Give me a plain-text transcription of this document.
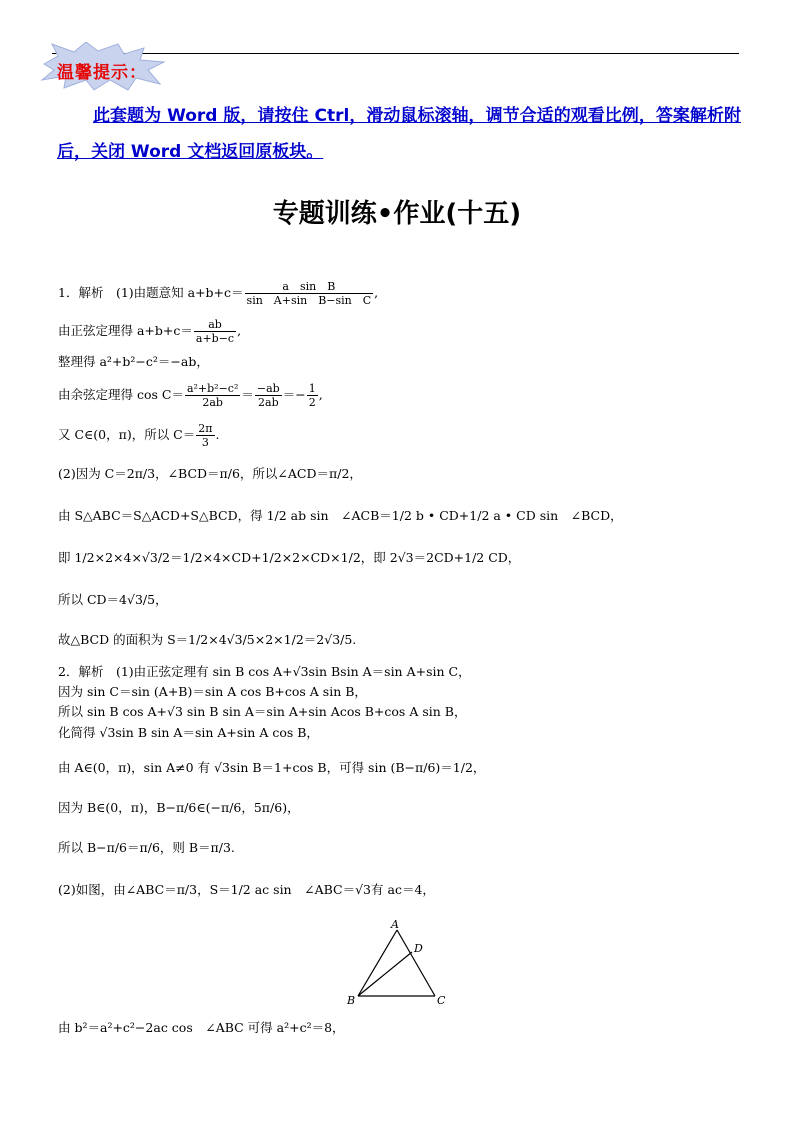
温馨提示：
此套题为 Word 版，请按住 Ctrl，滑动鼠标滚轴，调节合适的观看比例，答案解析附后，关闭 Word 文档返回原板块。
专题训练•作业(十五)
1．解析　(1)由题意知 $a+b+c= \frac{\text{a　sin　B}}{\text{sin　A+sin　B−sin　C}}$ ,
由正弦定理得 $a+b+c= \frac{ab}{a+b-c}$ ,
整理得 a²+b²−c²＝−ab，
由余弦定理得 $\cos C= \frac{\text{a²+b²−c²}}{2ab} = \frac{-ab}{2ab} =- \frac{1}{2}$ ,
又 C∈(0，π)，所以 $C= \frac{2\pi}{3}$ .
(2)因为 C＝2π/3，∠BCD＝π/6，所以∠ACD＝π/2，
由 S△ABC＝S△ACD+S△BCD，得 1/2 ab sin　∠ACB＝1/2 b • CD+1/2 a • CD sin　∠BCD，
即 1/2×2×4×√3/2＝1/2×4×CD+1/2×2×CD×1/2，即 2√3＝2CD+1/2 CD，
所以 CD＝4√3/5，
故△BCD 的面积为 S＝1/2×4√3/5×2×1/2＝2√3/5.
2．解析　(1)由正弦定理有 sin B cos A+√3sin Bsin A＝sin A+sin C，
因为 sin C＝sin (A+B)＝sin A cos B+cos A sin B，
所以 sin B cos A+√3 sin B sin A＝sin A+sin Acos B+cos A sin B，
化简得 √3sin B sin A＝sin A+sin A cos B，
由 A∈(0，π)，sin A≠0 有 √3sin B＝1+cos B，可得 sin (B−π/6)＝1/2，
因为 B∈(0，π)，B−π/6∈(−π/6，5π/6)，
所以 B−π/6＝π/6，则 B＝π/3.
(2)如图，由∠ABC＝π/3，S＝1/2 ac sin　∠ABC＝√3有 ac＝4，
A
B	C
D
由 b²＝a²+c²−2ac cos　∠ABC 可得 a²+c²＝8，
